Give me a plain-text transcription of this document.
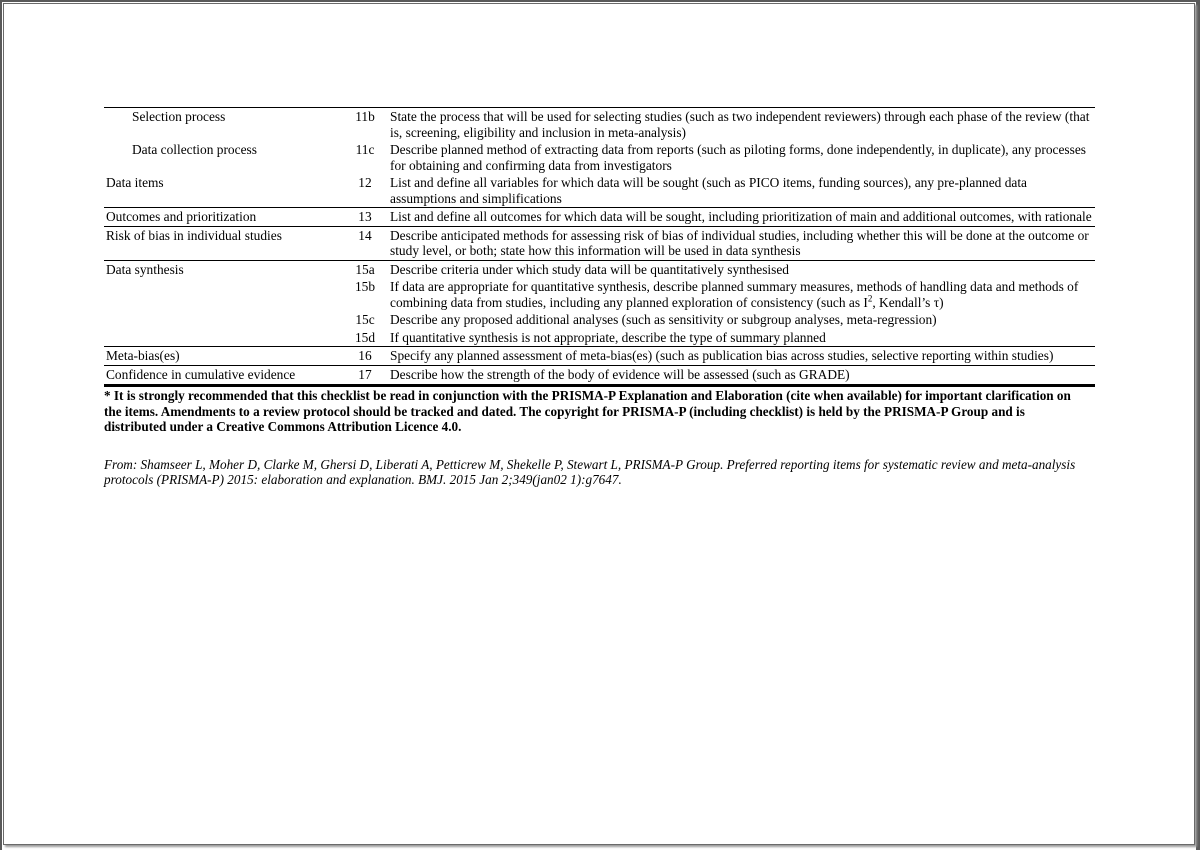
Selection process	11b	State the process that will be used for selecting studies (such as two independent reviewers) through each phase of the review (that is, screening, eligibility and inclusion in meta-analysis)
Data collection process	11c	Describe planned method of extracting data from reports (such as piloting forms, done independently, in duplicate), any processes for obtaining and confirming data from investigators
Data items	12	List and define all variables for which data will be sought (such as PICO items, funding sources), any pre-planned data assumptions and simplifications
Outcomes and prioritization	13	List and define all outcomes for which data will be sought, including prioritization of main and additional outcomes, with rationale
Risk of bias in individual studies	14	Describe anticipated methods for assessing risk of bias of individual studies, including whether this will be done at the outcome or study level, or both; state how this information will be used in data synthesis
Data synthesis	15a	Describe criteria under which study data will be quantitatively synthesised
	15b	If data are appropriate for quantitative synthesis, describe planned summary measures, methods of handling data and methods of combining data from studies, including any planned exploration of consistency (such as $I^2$, Kendall’s τ)
	15c	Describe any proposed additional analyses (such as sensitivity or subgroup analyses, meta-regression)
	15d	If quantitative synthesis is not appropriate, describe the type of summary planned
Meta-bias(es)	16	Specify any planned assessment of meta-bias(es) (such as publication bias across studies, selective reporting within studies)
Confidence in cumulative evidence	17	Describe how the strength of the body of evidence will be assessed (such as GRADE)

* It is strongly recommended that this checklist be read in conjunction with the PRISMA-P Explanation and Elaboration (cite when available) for important clarification on the items. Amendments to a review protocol should be tracked and dated. The copyright for PRISMA-P (including checklist) is held by the PRISMA-P Group and is distributed under a Creative Commons Attribution Licence 4.0.

From: Shamseer L, Moher D, Clarke M, Ghersi D, Liberati A, Petticrew M, Shekelle P, Stewart L, PRISMA-P Group. Preferred reporting items for systematic review and meta-analysis protocols (PRISMA-P) 2015: elaboration and explanation. BMJ. 2015 Jan 2;349(jan02 1):g7647.
